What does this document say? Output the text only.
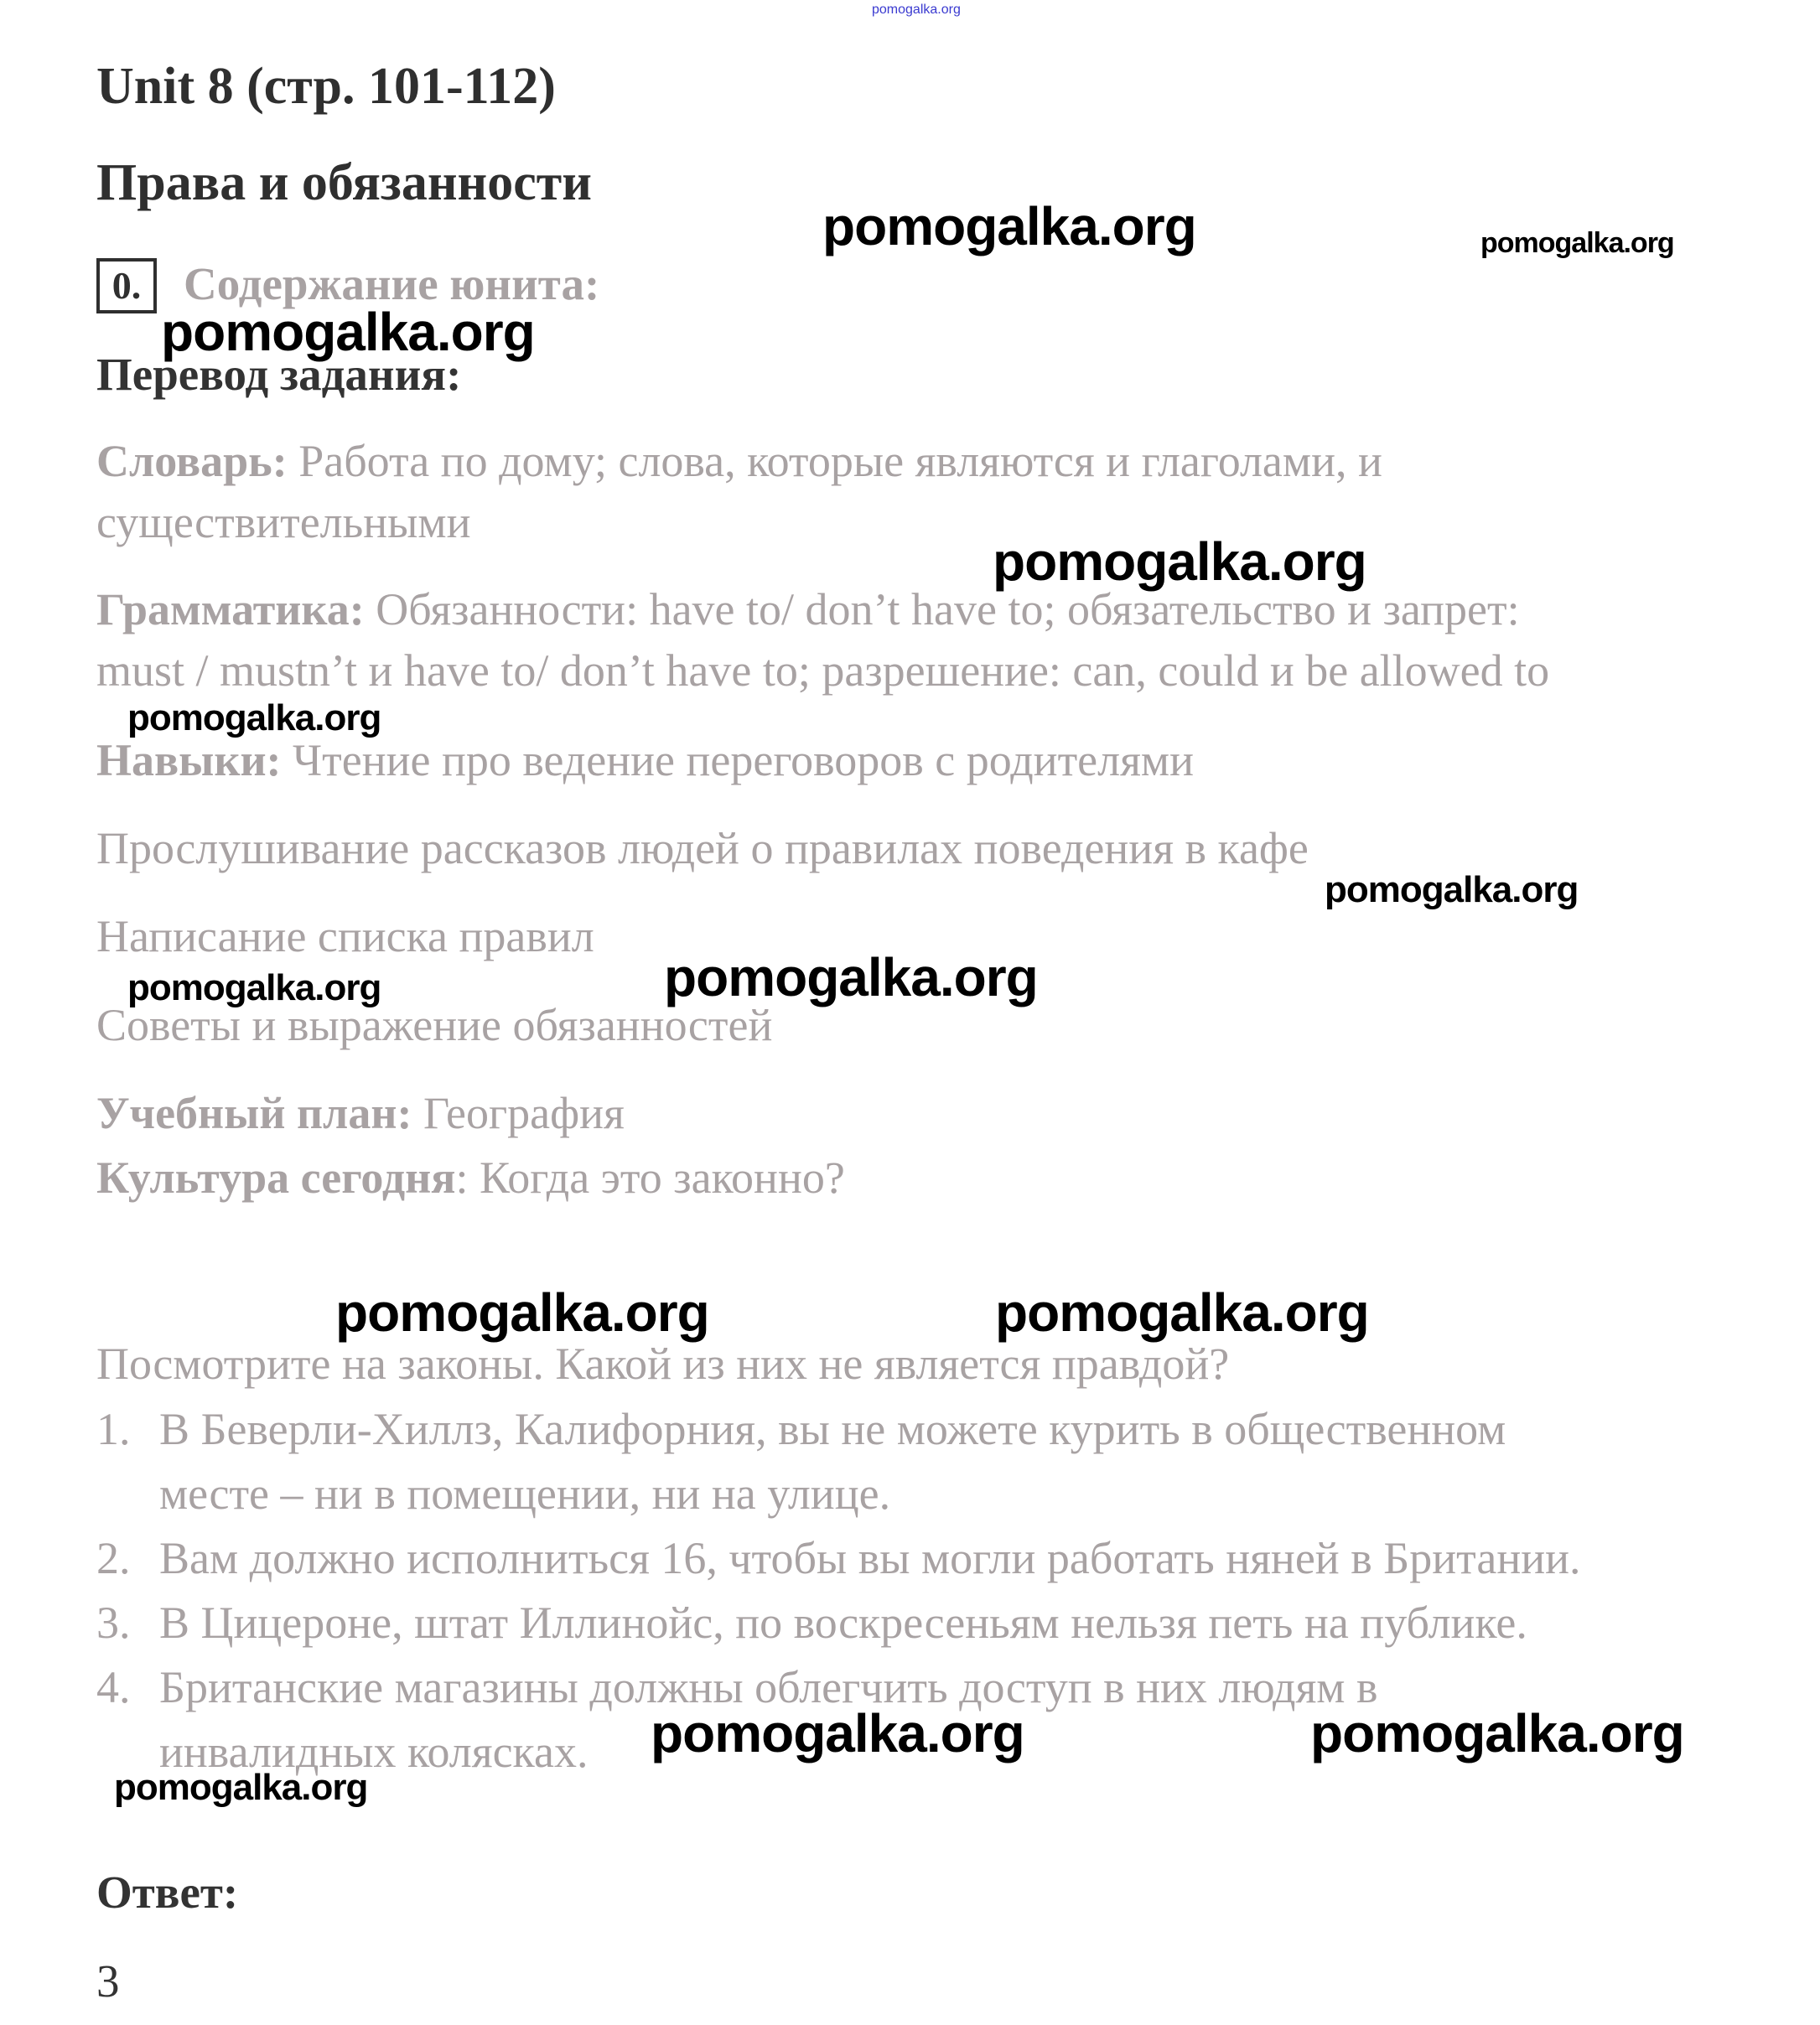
pomogalka.org
Unit 8 (стр. 101-112)
Права и обязанности
0. Содержание юнита:
Перевод задания:
Словарь: Работа по дому; слова, которые являются и глаголами, и
существительными
Грамматика: Обязанности: have to/ don’t have to; обязательство и запрет:
must / mustn’t и have to/ don’t have to; разрешение: can, could и be allowed to
Навыки: Чтение про ведение переговоров с родителями
Прослушивание рассказов людей о правилах поведения в кафе
Написание списка правил
Советы и выражение обязанностей
Учебный план: География
Культура сегодня: Когда это законно?
Посмотрите на законы. Какой из них не является правдой?
1. В Беверли-Хиллз, Калифорния, вы не можете курить в общественном
месте – ни в помещении, ни на улице.
2. Вам должно исполниться 16, чтобы вы могли работать няней в Британии.
3. В Цицероне, штат Иллинойс, по воскресеньям нельзя петь на публике.
4. Британские магазины должны облегчить доступ в них людям в
инвалидных колясках.
Ответ:
3
pomogalka.org	pomogalka.org
pomogalka.org
pomogalka.org
pomogalka.org
pomogalka.org
pomogalka.org	pomogalka.org
pomogalka.org	pomogalka.org
pomogalka.org	pomogalka.org
pomogalka.org
